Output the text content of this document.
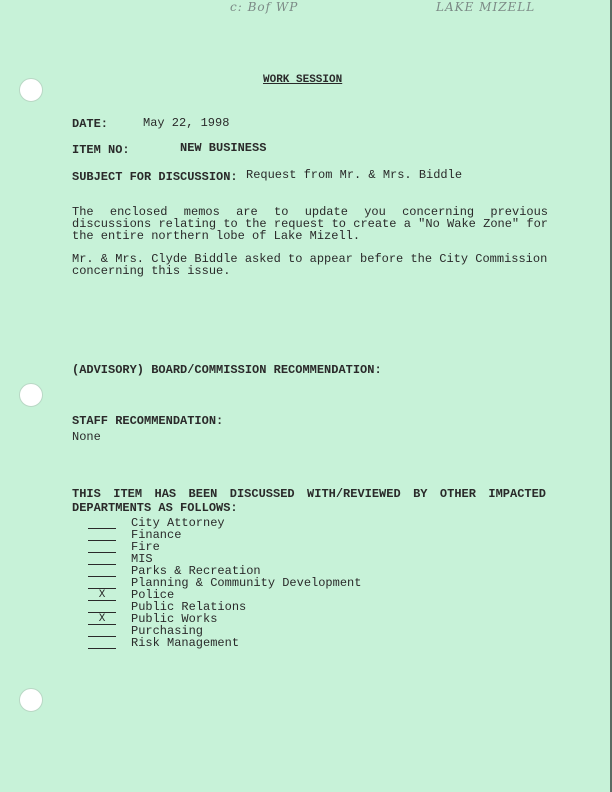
c: Bof WP	LAKE MIZELL
WORK SESSION
DATE:	May 22, 1998
ITEM NO:	NEW BUSINESS
SUBJECT FOR DISCUSSION: Request from Mr. & Mrs. Biddle
The enclosed memos are to update you concerning previous discussions relating to the request to create a "No Wake Zone" for the entire northern lobe of Lake Mizell.
Mr. & Mrs. Clyde Biddle asked to appear before the City Commission concerning this issue.
(ADVISORY) BOARD/COMMISSION RECOMMENDATION:
STAFF RECOMMENDATION:
None
THIS ITEM HAS BEEN DISCUSSED WITH/REVIEWED BY OTHER IMPACTED DEPARTMENTS AS FOLLOWS:
City Attorney
Finance
Fire
MIS
Parks & Recreation
Planning & Community Development
X	Police
Public Relations
X	Public Works
Purchasing
Risk Management
